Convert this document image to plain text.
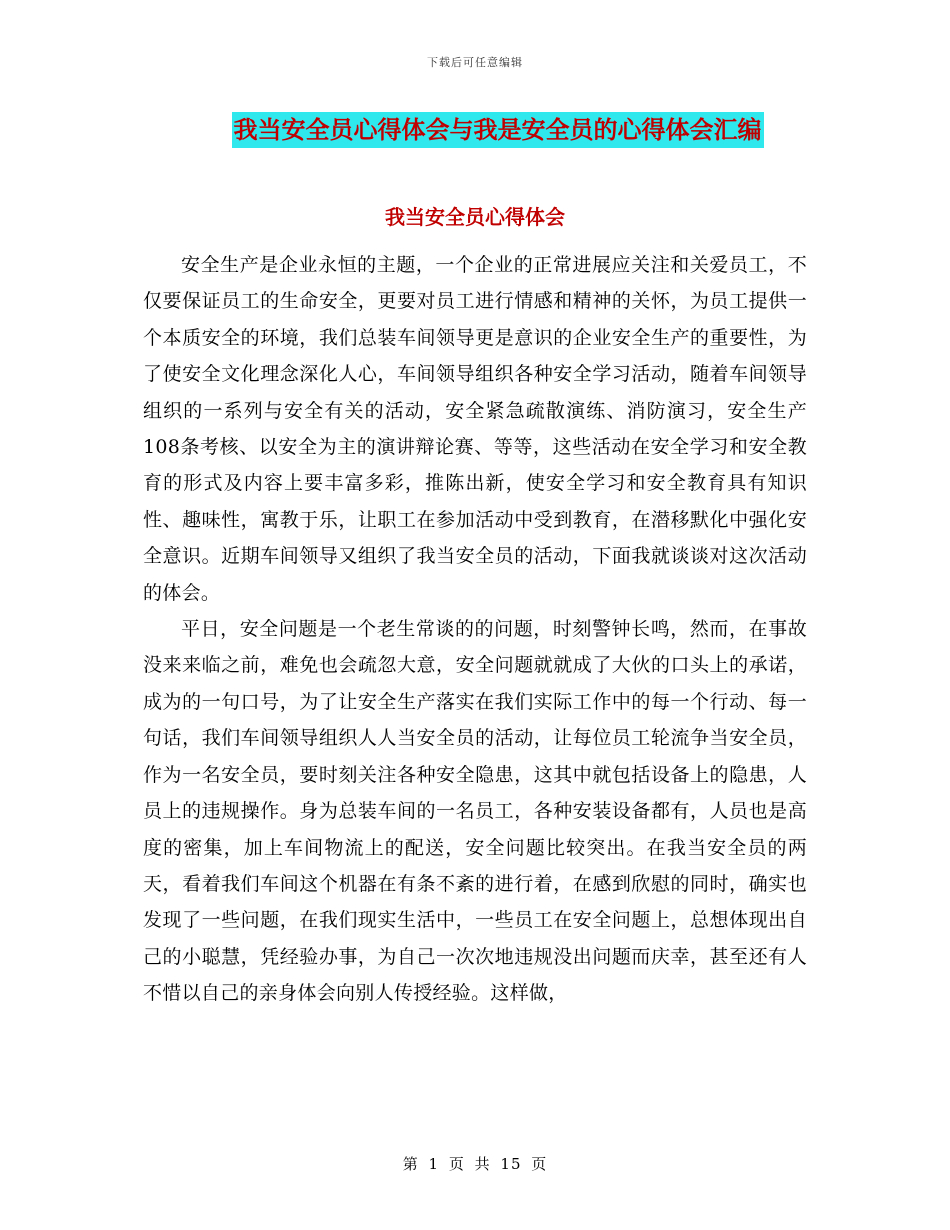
下载后可任意编辑
我当安全员心得体会与我是安全员的心得体会汇编
我当安全员心得体会

安全生产是企业永恒的主题，一个企业的正常进展应关注和关爱员工，不仅要保证员工的生命安全，更要对员工进行情感和精神的关怀，为员工提供一个本质安全的环境，我们总装车间领导更是意识的企业安全生产的重要性，为了使安全文化理念深化人心，车间领导组织各种安全学习活动，随着车间领导组织的一系列与安全有关的活动，安全紧急疏散演练、消防演习，安全生产108条考核、以安全为主的演讲辩论赛、等等，这些活动在安全学习和安全教育的形式及内容上要丰富多彩，推陈出新，使安全学习和安全教育具有知识性、趣味性，寓教于乐，让职工在参加活动中受到教育，在潜移默化中强化安全意识。近期车间领导又组织了我当安全员的活动，下面我就谈谈对这次活动的体会。

平日，安全问题是一个老生常谈的的问题，时刻警钟长鸣，然而，在事故没来来临之前，难免也会疏忽大意，安全问题就就成了大伙的口头上的承诺，成为的一句口号，为了让安全生产落实在我们实际工作中的每一个行动、每一句话，我们车间领导组织人人当安全员的活动，让每位员工轮流争当安全员，作为一名安全员，要时刻关注各种安全隐患，这其中就包括设备上的隐患，人员上的违规操作。身为总装车间的一名员工，各种安装设备都有，人员也是高度的密集，加上车间物流上的配送，安全问题比较突出。在我当安全员的两天，看着我们车间这个机器在有条不紊的进行着，在感到欣慰的同时，确实也发现了一些问题，在我们现实生活中，一些员工在安全问题上，总想体现出自己的小聪慧，凭经验办事，为自己一次次地违规没出问题而庆幸，甚至还有人不惜以自己的亲身体会向别人传授经验。这样做，

第 1 页 共 15 页
